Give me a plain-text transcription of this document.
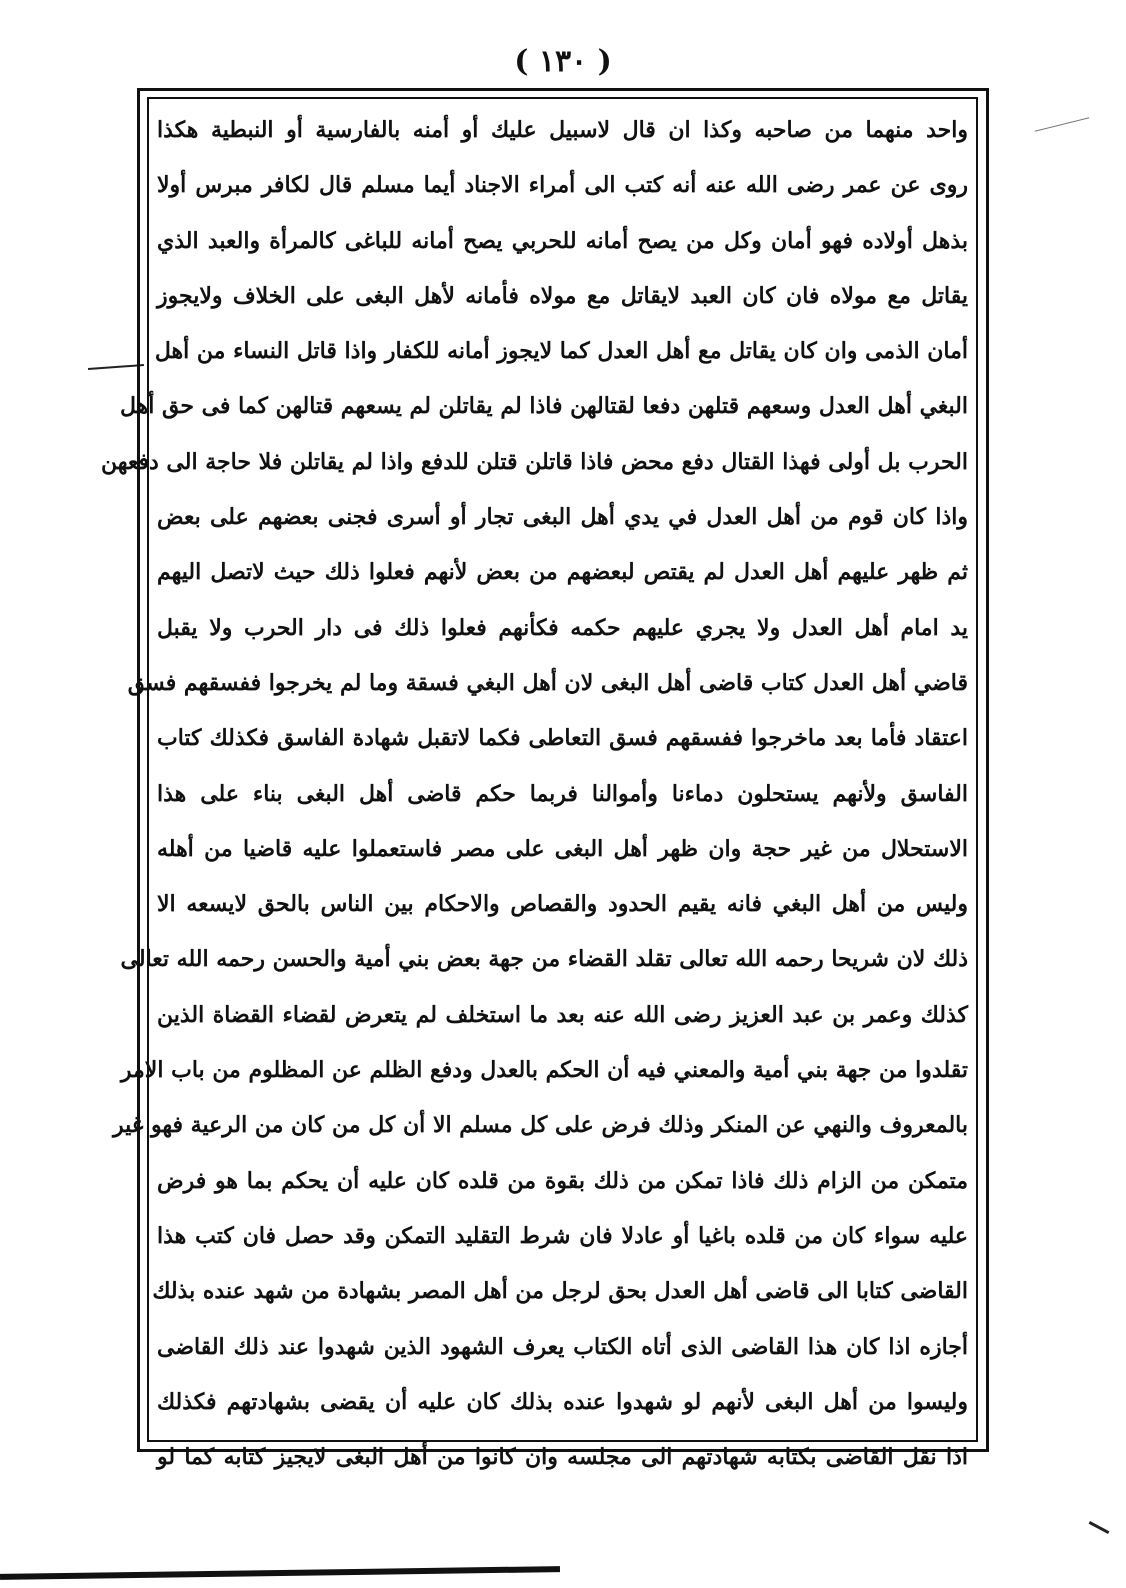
( ١٣٠ )
واحد منهما من صاحبه وكذا ان قال لاسبيل عليك أو أمنه بالفارسية أو النبطية هكذا
روى عن عمر رضى الله عنه أنه كتب الى أمراء الاجناد أيما مسلم قال لكافر مبرس أولا
بذهل أولاده فهو أمان وكل من يصح أمانه للحربي يصح أمانه للباغى كالمرأة والعبد الذي
يقاتل مع مولاه فان كان العبد لايقاتل مع مولاه فأمانه لأهل البغى على الخلاف ولايجوز
أمان الذمى وان كان يقاتل مع أهل العدل كما لايجوز أمانه للكفار واذا قاتل النساء من أهل
البغي أهل العدل وسعهم قتلهن دفعا لقتالهن فاذا لم يقاتلن لم يسعهم قتالهن كما فى حق أهل
الحرب بل أولى فهذا القتال دفع محض فاذا قاتلن قتلن للدفع واذا لم يقاتلن فلا حاجة الى دفعهن
واذا كان قوم من أهل العدل في يدي أهل البغى تجار أو أسرى فجنى بعضهم على بعض
ثم ظهر عليهم أهل العدل لم يقتص لبعضهم من بعض لأنهم فعلوا ذلك حيث لاتصل اليهم
يد امام أهل العدل ولا يجري عليهم حكمه فكأنهم فعلوا ذلك فى دار الحرب ولا يقبل
قاضي أهل العدل كتاب قاضى أهل البغى لان أهل البغي فسقة وما لم يخرجوا ففسقهم فسق
اعتقاد فأما بعد ماخرجوا ففسقهم فسق التعاطى فكما لاتقبل شهادة الفاسق فكذلك كتاب
الفاسق ولأنهم يستحلون دماءنا وأموالنا فربما حكم قاضى أهل البغى بناء على هذا
الاستحلال من غير حجة وان ظهر أهل البغى على مصر فاستعملوا عليه قاضيا من أهله
وليس من أهل البغي فانه يقيم الحدود والقصاص والاحكام بين الناس بالحق لايسعه الا
ذلك لان شريحا رحمه الله تعالى تقلد القضاء من جهة بعض بني أمية والحسن رحمه الله تعالى
كذلك وعمر بن عبد العزيز رضى الله عنه بعد ما استخلف لم يتعرض لقضاء القضاة الذين
تقلدوا من جهة بني أمية والمعني فيه أن الحكم بالعدل ودفع الظلم عن المظلوم من باب الامر
بالمعروف والنهي عن المنكر وذلك فرض على كل مسلم الا أن كل من كان من الرعية فهو غير
متمكن من الزام ذلك فاذا تمكن من ذلك بقوة من قلده كان عليه أن يحكم بما هو فرض
عليه سواء كان من قلده باغيا أو عادلا فان شرط التقليد التمكن وقد حصل فان كتب هذا
القاضى كتابا الى قاضى أهل العدل بحق لرجل من أهل المصر بشهادة من شهد عنده بذلك
أجازه اذا كان هذا القاضى الذى أتاه الكتاب يعرف الشهود الذين شهدوا عند ذلك القاضى
وليسوا من أهل البغى لأنهم لو شهدوا عنده بذلك كان عليه أن يقضى بشهادتهم فكذلك
اذا نقل القاضى بكتابه شهادتهم الى مجلسه وان كانوا من أهل البغى لايجيز كتابه كما لو
